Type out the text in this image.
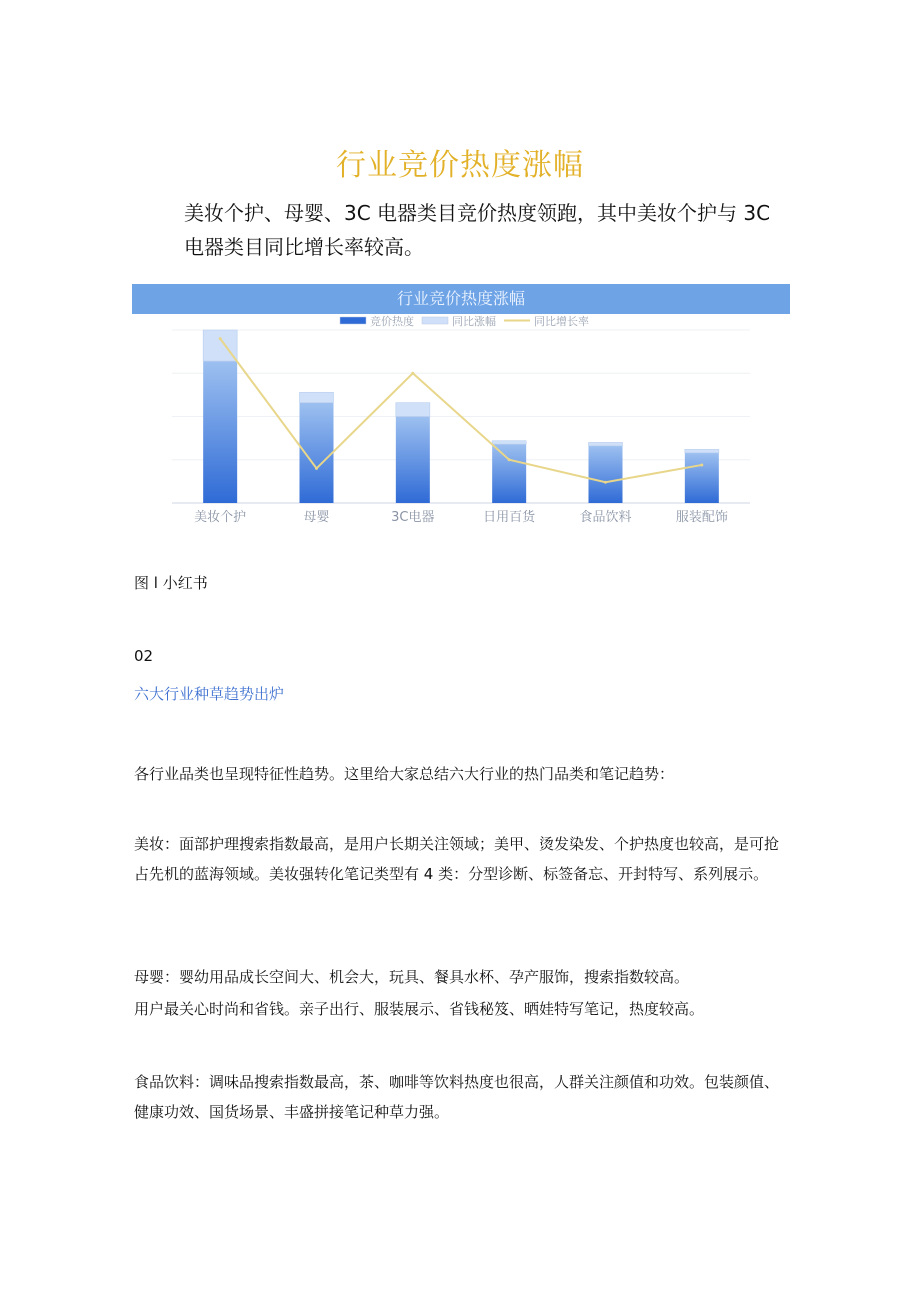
行业竞价热度涨幅
美妆个护、母婴、3C 电器类目竞价热度领跑，其中美妆个护与 3C 电器类目同比增长率较高。
行业竞价热度涨幅
竞价热度	同比涨幅	同比增长率
美妆个护	母婴	3C电器	日用百货	食品饮料	服装配饰
图 l 小红书
02
六大行业种草趋势出炉
各行业品类也呈现特征性趋势。这里给大家总结六大行业的热门品类和笔记趋势：
美妆：面部护理搜索指数最高，是用户长期关注领域；美甲、烫发染发、个护热度也较高，是可抢占先机的蓝海领域。美妆强转化笔记类型有 4 类：分型诊断、标签备忘、开封特写、系列展示。
母婴：婴幼用品成长空间大、机会大，玩具、餐具水杯、孕产服饰，搜索指数较高。
用户最关心时尚和省钱。亲子出行、服装展示、省钱秘笈、晒娃特写笔记，热度较高。
食品饮料：调味品搜索指数最高，茶、咖啡等饮料热度也很高，人群关注颜值和功效。包装颜值、健康功效、国货场景、丰盛拼接笔记种草力强。
